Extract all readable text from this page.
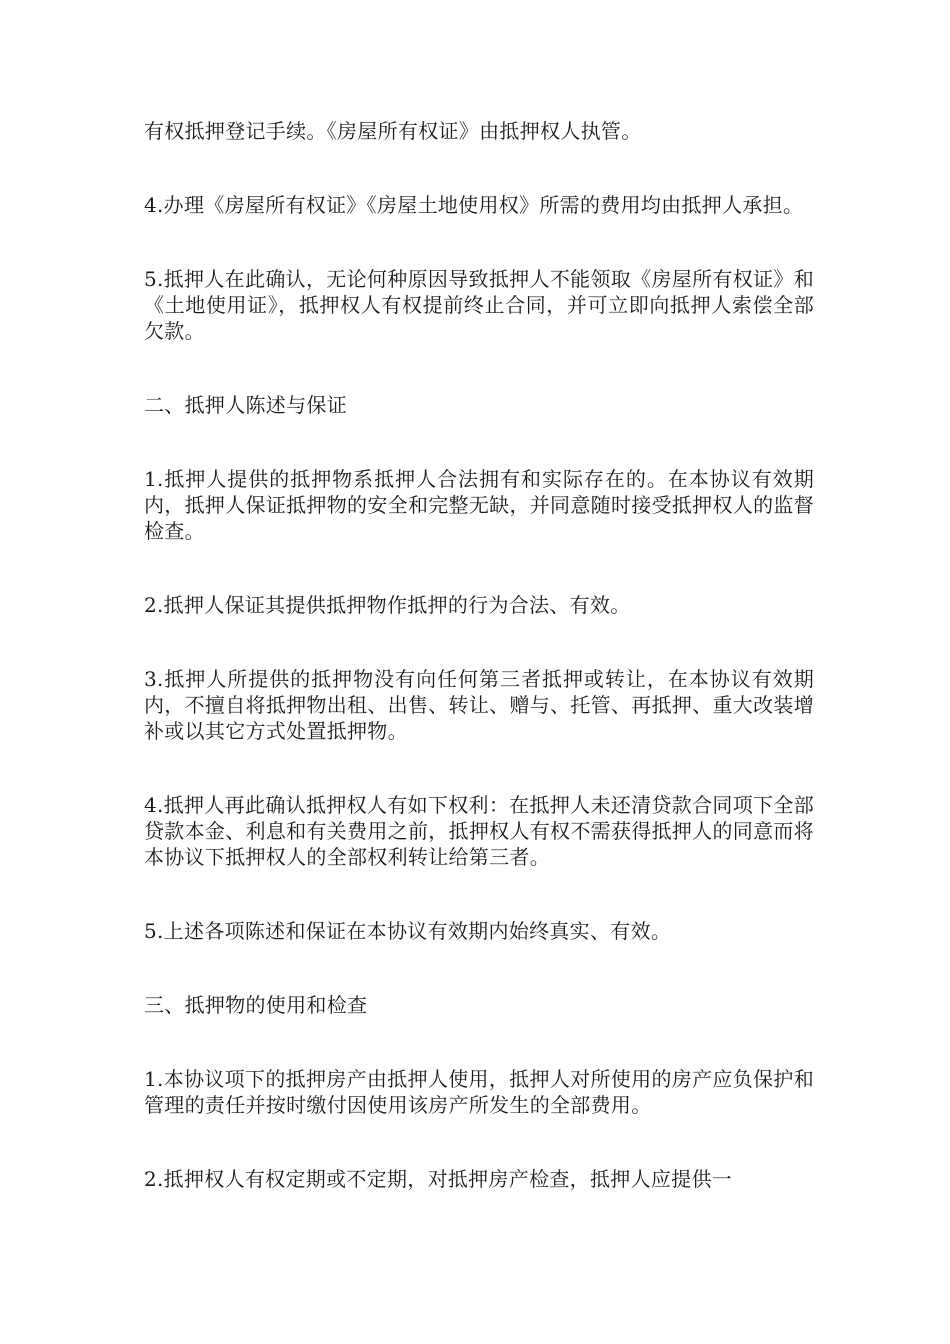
有权抵押登记手续。《房屋所有权证》由抵押权人执管。

4.办理《房屋所有权证》《房屋土地使用权》所需的费用均由抵押人承担。

5.抵押人在此确认，无论何种原因导致抵押人不能领取《房屋所有权证》和《土地使用证》，抵押权人有权提前终止合同，并可立即向抵押人索偿全部欠款。

二、抵押人陈述与保证

1.抵押人提供的抵押物系抵押人合法拥有和实际存在的。在本协议有效期内，抵押人保证抵押物的安全和完整无缺，并同意随时接受抵押权人的监督检查。

2.抵押人保证其提供抵押物作抵押的行为合法、有效。

3.抵押人所提供的抵押物没有向任何第三者抵押或转让，在本协议有效期内，不擅自将抵押物出租、出售、转让、赠与、托管、再抵押、重大改装增补或以其它方式处置抵押物。

4.抵押人再此确认抵押权人有如下权利：在抵押人未还清贷款合同项下全部贷款本金、利息和有关费用之前，抵押权人有权不需获得抵押人的同意而将本协议下抵押权人的全部权利转让给第三者。

5.上述各项陈述和保证在本协议有效期内始终真实、有效。

三、抵押物的使用和检查

1.本协议项下的抵押房产由抵押人使用，抵押人对所使用的房产应负保护和管理的责任并按时缴付因使用该房产所发生的全部费用。

2.抵押权人有权定期或不定期，对抵押房产检查，抵押人应提供一
